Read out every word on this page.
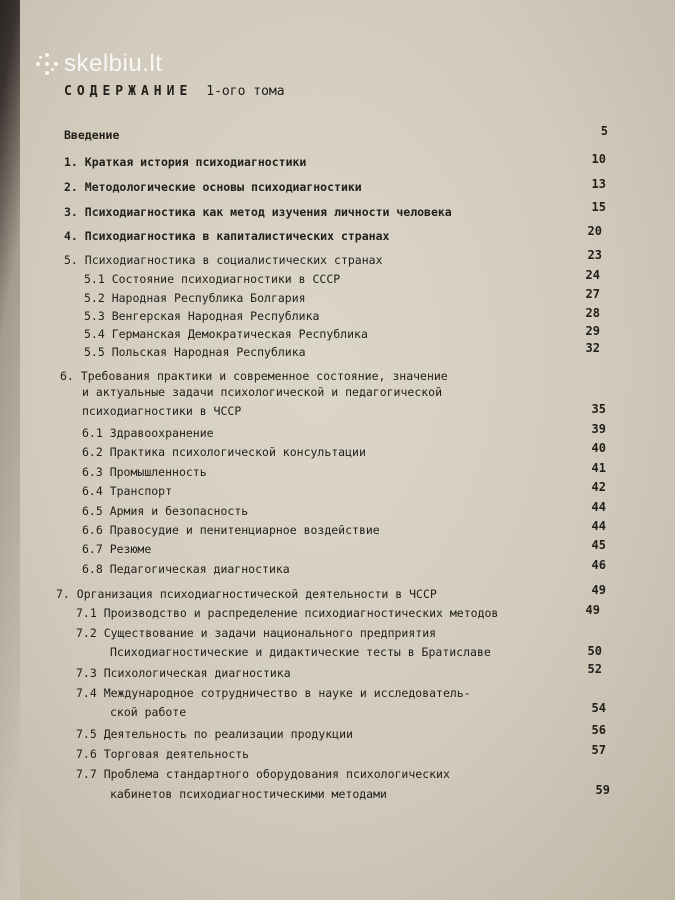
skelbiu.lt
СОДЕРЖАНИЕ 1-ого тома
Введение	5
1. Краткая история психодиагностики	10
2. Методологические основы психодиагностики	13
3. Психодиагностика как метод изучения личности человека	15
4. Психодиагностика в капиталистических странах	20
5. Психодиагностика в социалистических странах	23
5.1 Состояние психодиагностики в СССР	24
5.2 Народная Республика Болгария	27
5.3 Венгерская Народная Республика	28
5.4 Германская Демократическая Республика	29
5.5 Польская Народная Республика	32
6. Требования практики и современное состояние, значение
и актуальные задачи психологической и педагогической
психодиагностики в ЧССР	35
6.1 Здравоохранение	39
6.2 Практика психологической консультации	40
6.3 Промышленность	41
6.4 Транспорт	42
6.5 Армия и безопасность	44
6.6 Правосудие и пенитенциарное воздействие	44
6.7 Резюме	45
6.8 Педагогическая диагностика	46
7. Организация психодиагностической деятельности в ЧССР	49
7.1 Производство и распределение психодиагностических методов	49
7.2 Существование и задачи национального предприятия
Психодиагностические и дидактические тесты в Братиславе	50
7.3 Психологическая диагностика	52
7.4 Международное сотрудничество в науке и исследователь-
ской работе	54
7.5 Деятельность по реализации продукции	56
7.6 Торговая деятельность	57
7.7 Проблема стандартного оборудования психологических
кабинетов психодиагностическими методами	59
